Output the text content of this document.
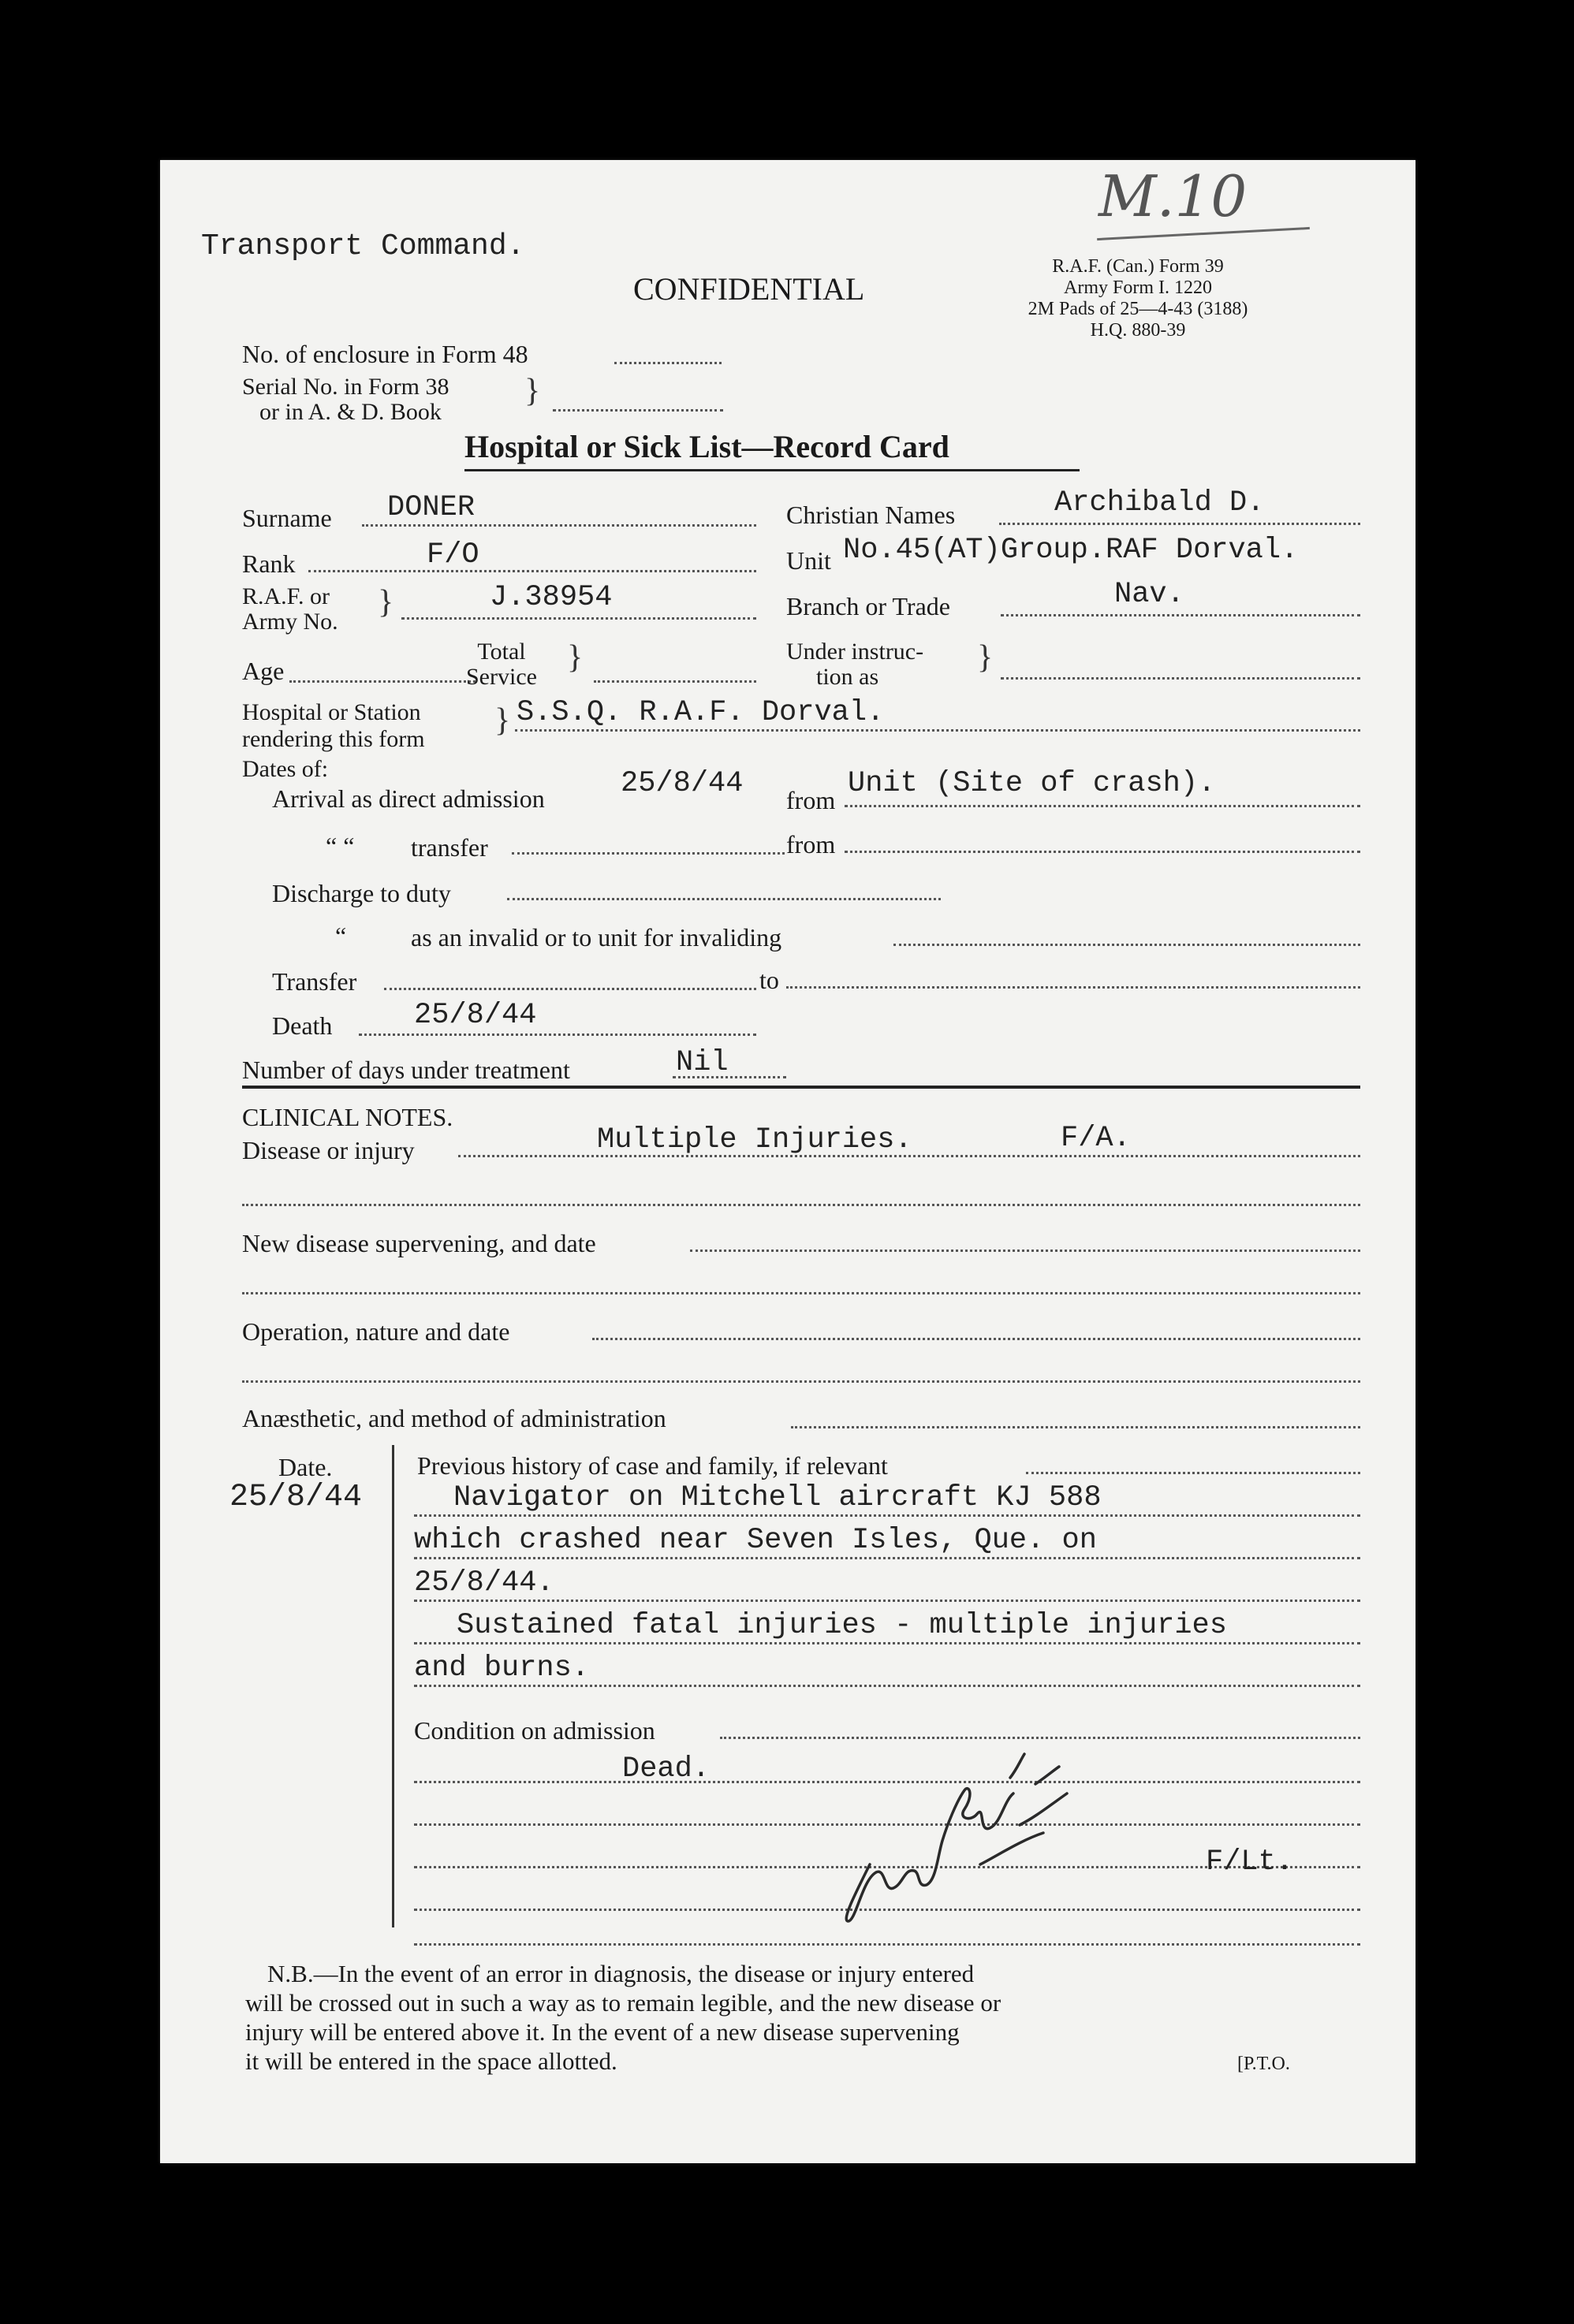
Transport Command.
CONFIDENTIAL
M.10
R.A.F. (Can.) Form 39
Army Form I. 1220
2M Pads of 25—4-43 (3188)
H.Q. 880-39
No. of enclosure in Form 48
Serial No. in Form 38
or in A. & D. Book
}
Hospital or Sick List—Record Card
Surname DONER	Christian Names	Archibald D.
Rank	F/O	Unit No.45(AT)Group.RAF Dorval.
R.A.F. or
Army No.
}	J.38954	Branch or Trade	Nav.
Age
Total
Service
}	Under instruc-
tion as
}
Hospital or Station
rendering this form
} S.S.Q. R.A.F. Dorval.
Dates of:
Arrival as direct admission	25/8/44 from Unit (Site of crash).
“ “ transfer	from
Discharge to duty
“	as an invalid or to unit for invaliding
Transfer	to
Death	25/8/44
Number of days under treatment	Nil
CLINICAL NOTES.
Disease or injury	Multiple Injuries.	F/A.
New disease supervening, and date
Operation, nature and date
Anæsthetic, and method of administration
Date.
25/8/44
Previous history of case and family, if relevant
Navigator on Mitchell aircraft KJ 588
which crashed near Seven Isles, Que. on
25/8/44.
Sustained fatal injuries - multiple injuries
and burns.
Condition on admission
Dead.
F/Lt.
N.B.—In the event of an error in diagnosis, the disease or injury entered
will be crossed out in such a way as to remain legible, and the new disease or
injury will be entered above it. In the event of a new disease supervening
it will be entered in the space allotted.	[P.T.O.
